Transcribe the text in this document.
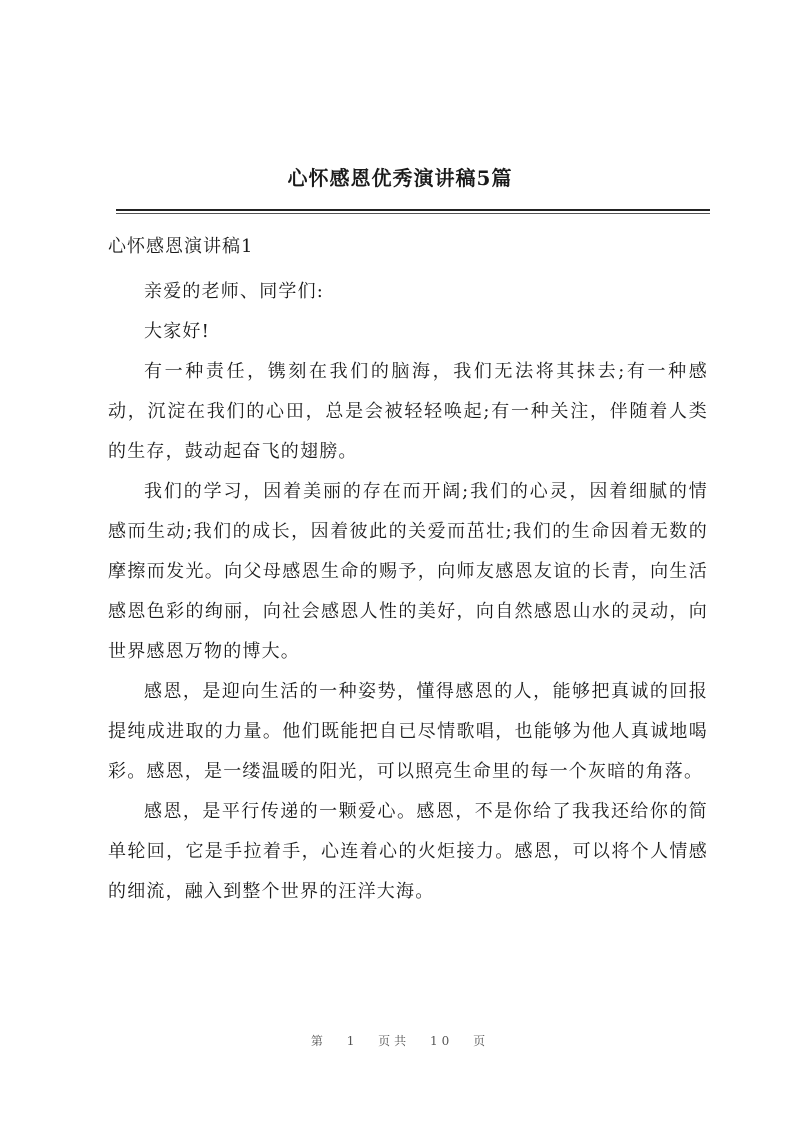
心怀感恩优秀演讲稿5篇
心怀感恩演讲稿1

亲爱的老师、同学们:

大家好!

有一种责任，镌刻在我们的脑海，我们无法将其抹去;有一种感动，沉淀在我们的心田，总是会被轻轻唤起;有一种关注，伴随着人类的生存，鼓动起奋飞的翅膀。

我们的学习，因着美丽的存在而开阔;我们的心灵，因着细腻的情感而生动;我们的成长，因着彼此的关爱而茁壮;我们的生命因着无数的摩擦而发光。向父母感恩生命的赐予，向师友感恩友谊的长青，向生活感恩色彩的绚丽，向社会感恩人性的美好，向自然感恩山水的灵动，向世界感恩万物的博大。

感恩，是迎向生活的一种姿势，懂得感恩的人，能够把真诚的回报提纯成进取的力量。他们既能把自已尽情歌唱，也能够为他人真诚地喝彩。感恩，是一缕温暖的阳光，可以照亮生命里的每一个灰暗的角落。

感恩，是平行传递的一颗爱心。感恩，不是你给了我我还给你的简单轮回，它是手拉着手，心连着心的火炬接力。感恩，可以将个人情感的细流，融入到整个世界的汪洋大海。

第 1 页共 10 页
